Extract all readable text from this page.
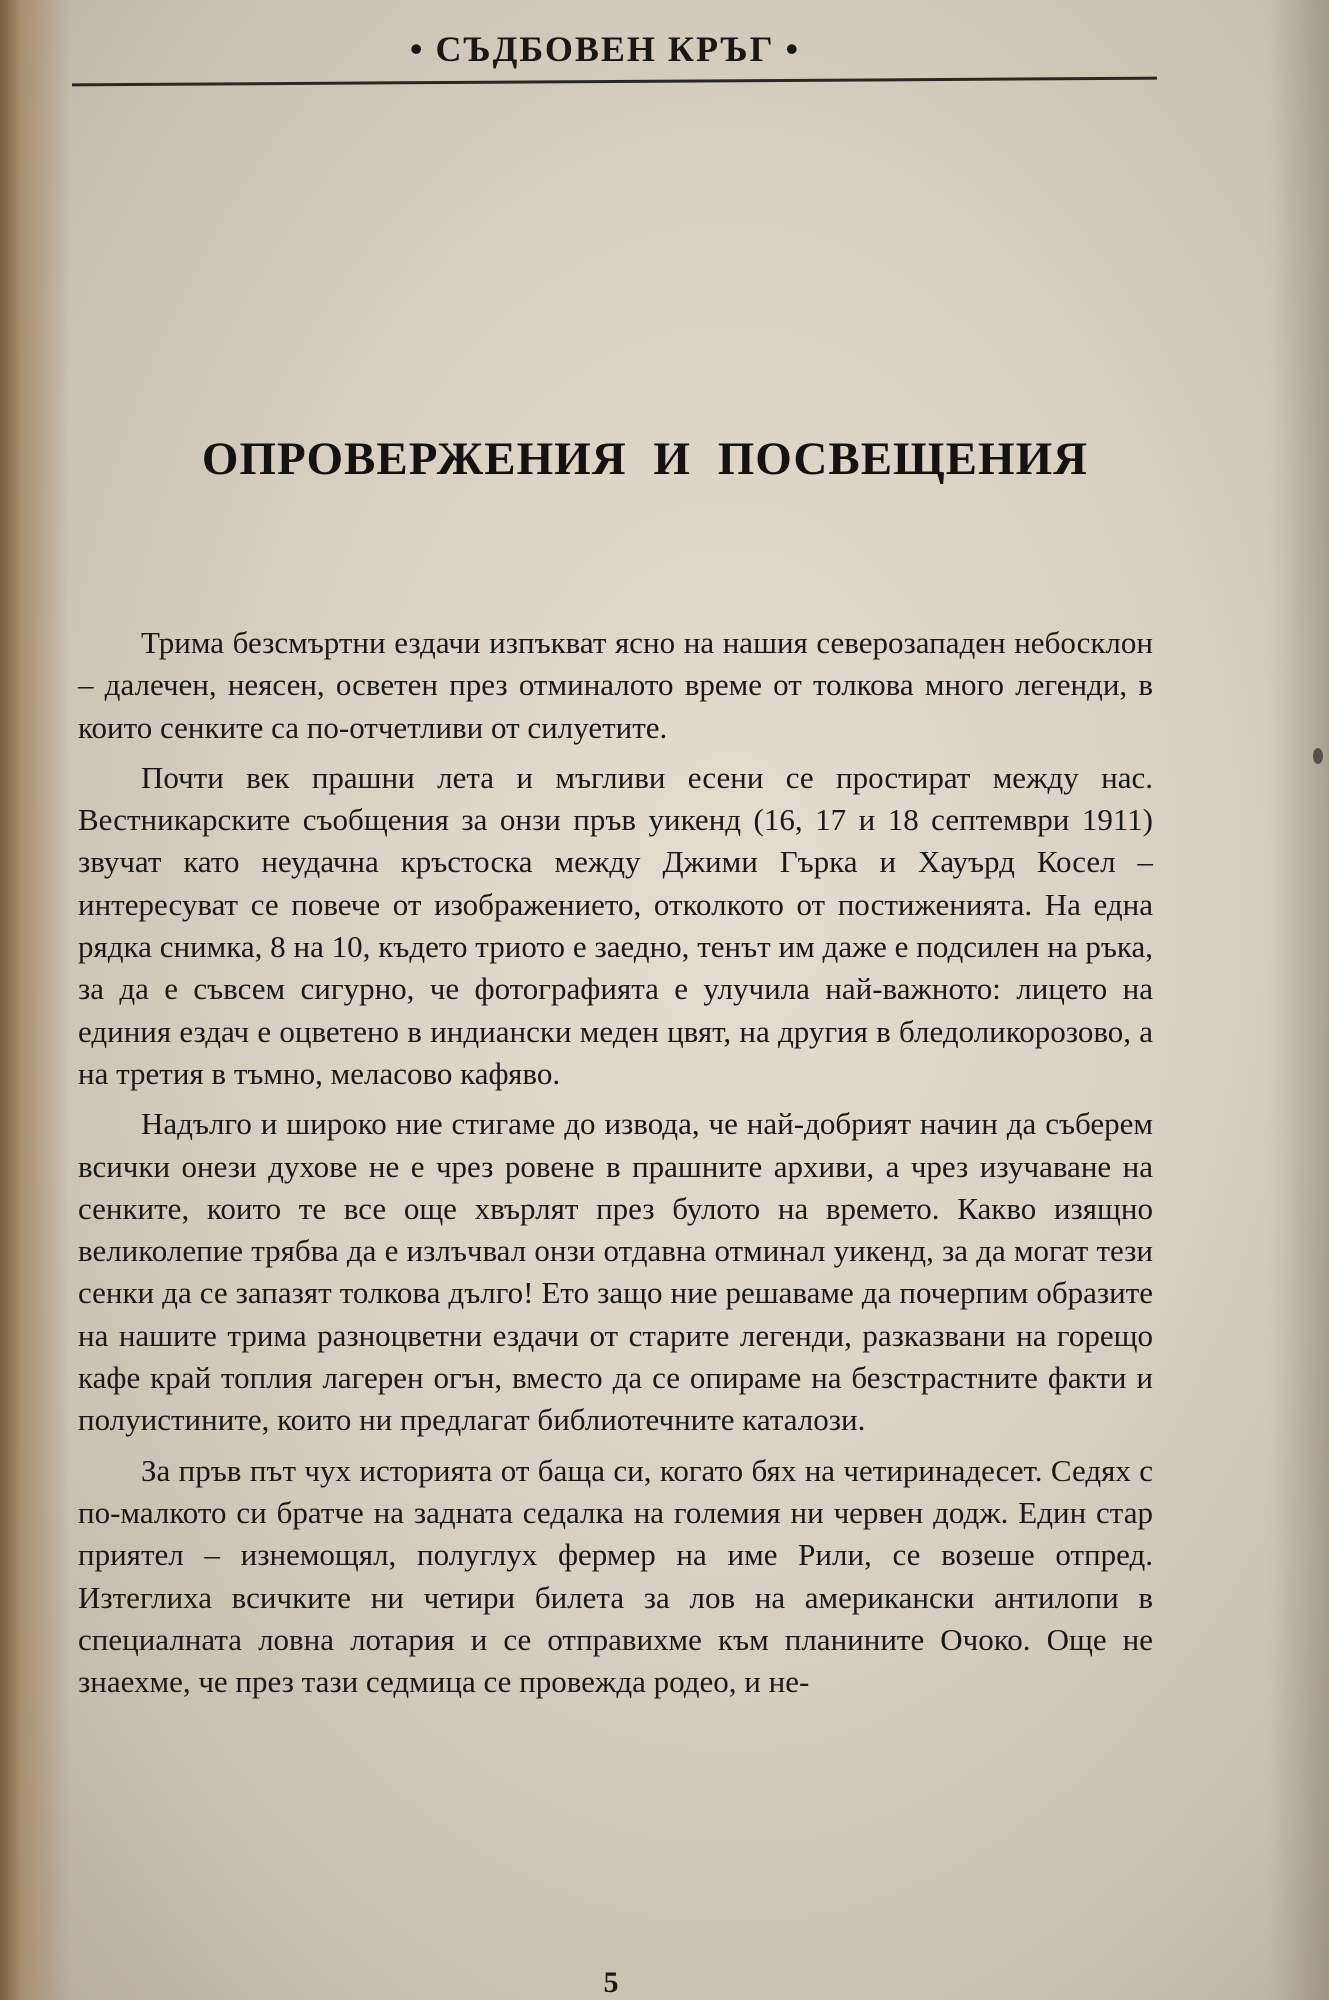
• СЪДБОВЕН КРЪГ •
ОПРОВЕРЖЕНИЯ И ПОСВЕЩЕНИЯ

Трима безсмъртни ездачи изпъкват ясно на нашия северозападен небосклон – далечен, неясен, осветен през отминалото време от толкова много легенди, в които сенките са по-отчетливи от силуетите.

Почти век прашни лета и мъгливи есени се простират между нас. Вестникарските съобщения за онзи пръв уикенд (16, 17 и 18 септември 1911) звучат като неудачна кръстоска между Джими Гърка и Хауърд Косел – интересуват се повече от изображението, отколкото от постиженията. На една рядка снимка, 8 на 10, където триото е заедно, тенът им даже е подсилен на ръка, за да е съвсем сигурно, че фотографията е улучила най-важното: лицето на единия ездач е оцветено в индиански меден цвят, на другия в бледоликорозово, а на третия в тъмно, меласово кафяво.

Надълго и широко ние стигаме до извода, че най-добрият начин да съберем всички онези духове не е чрез ровене в прашните архиви, а чрез изучаване на сенките, които те все още хвърлят през булото на времето. Какво изящно великолепие трябва да е излъчвал онзи отдавна отминал уикенд, за да могат тези сенки да се запазят толкова дълго! Ето защо ние решаваме да почерпим образите на нашите трима разноцветни ездачи от старите легенди, разказвани на горещо кафе край топлия лагерен огън, вместо да се опираме на безстрастните факти и полуистините, които ни предлагат библиотечните каталози.

За пръв път чух историята от баща си, когато бях на четиринадесет. Седях с по-малкото си братче на задната седалка на големия ни червен додж. Един стар приятел – изнемощял, полуглух фермер на име Рили, се возеше отпред. Изтеглиха всичките ни четири билета за лов на американски антилопи в специалната ловна лотария и се отправихме към планините Очоко. Още не знаехме, че през тази седмица се провежда родео, и не-

5
